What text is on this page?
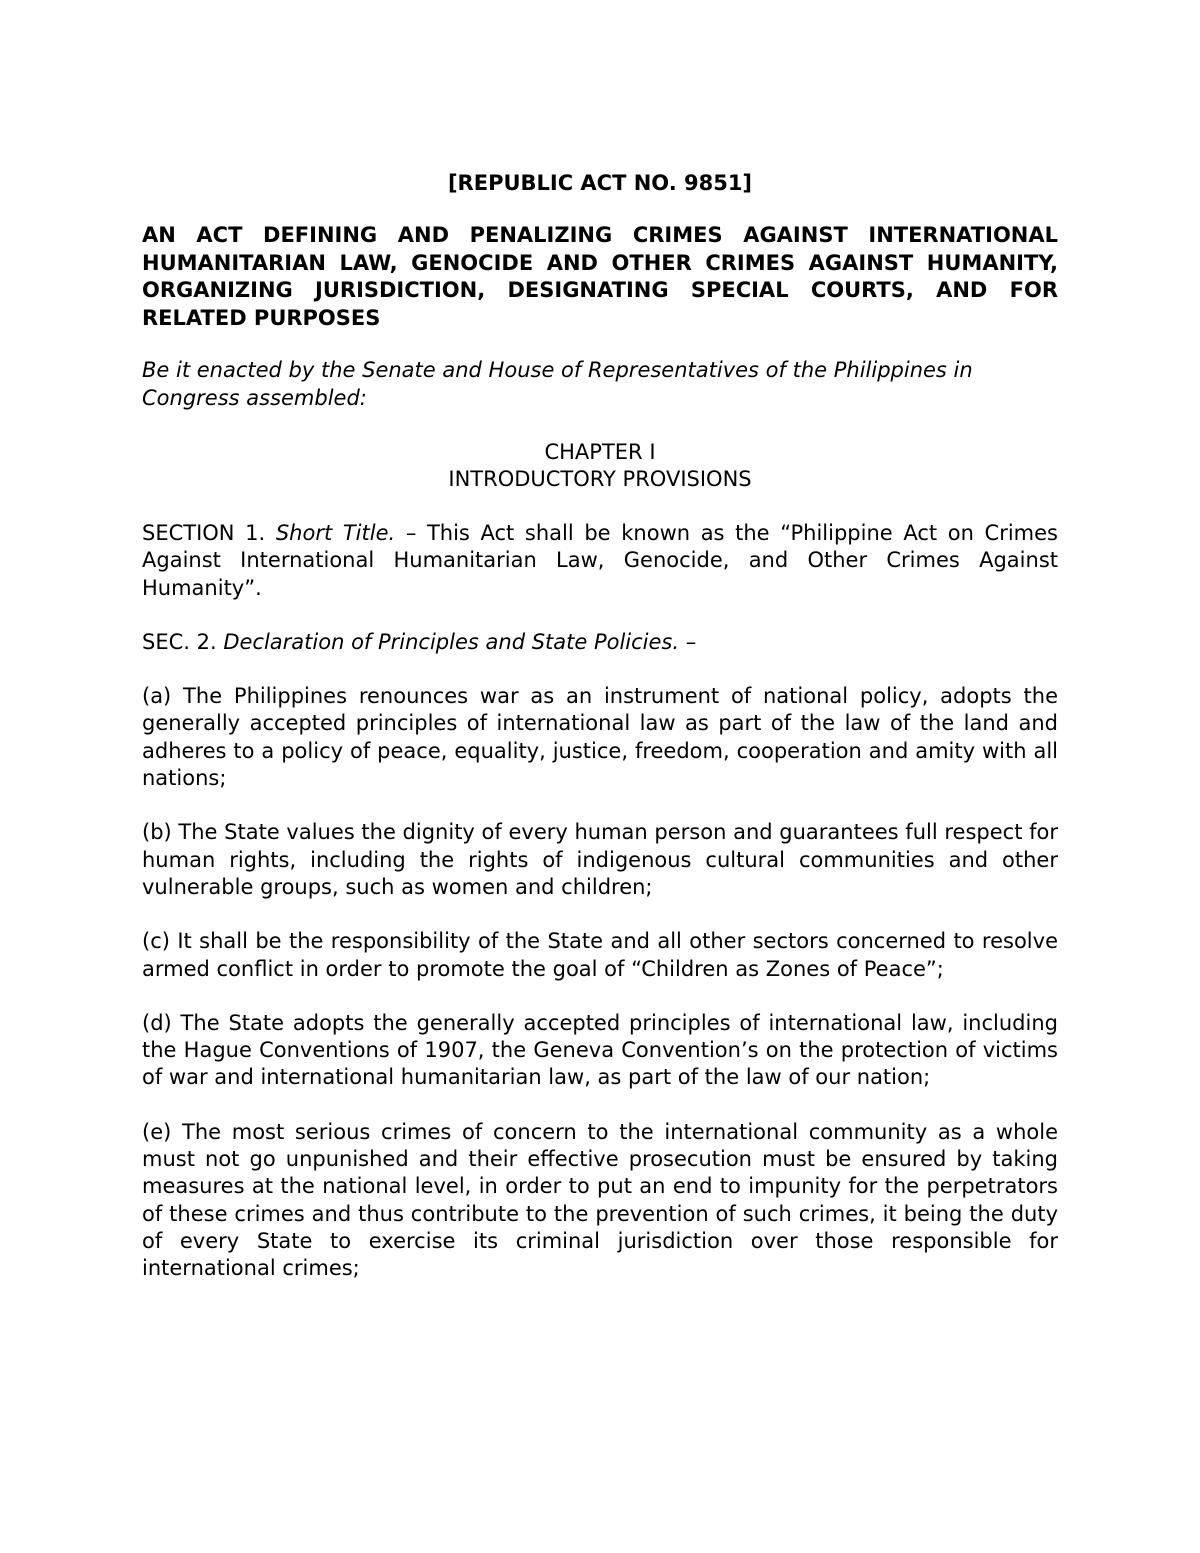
[REPUBLIC ACT NO. 9851]

AN ACT DEFINING AND PENALIZING CRIMES AGAINST INTERNATIONAL HUMANITARIAN LAW, GENOCIDE AND OTHER CRIMES AGAINST HUMANITY, ORGANIZING JURISDICTION, DESIGNATING SPECIAL COURTS, AND FOR RELATED PURPOSES

Be it enacted by the Senate and House of Representatives of the Philippines in Congress assembled:

CHAPTER I
INTRODUCTORY PROVISIONS

SECTION 1. Short Title. – This Act shall be known as the “Philippine Act on Crimes Against International Humanitarian Law, Genocide, and Other Crimes Against Humanity”.

SEC. 2. Declaration of Principles and State Policies. –

(a) The Philippines renounces war as an instrument of national policy, adopts the generally accepted principles of international law as part of the law of the land and adheres to a policy of peace, equality, justice, freedom, cooperation and amity with all nations;

(b) The State values the dignity of every human person and guarantees full respect for human rights, including the rights of indigenous cultural communities and other vulnerable groups, such as women and children;

(c) It shall be the responsibility of the State and all other sectors concerned to resolve armed conflict in order to promote the goal of “Children as Zones of Peace”;

(d) The State adopts the generally accepted principles of international law, including the Hague Conventions of 1907, the Geneva Convention’s on the protection of victims of war and international humanitarian law, as part of the law of our nation;

(e) The most serious crimes of concern to the international community as a whole must not go unpunished and their effective prosecution must be ensured by taking measures at the national level, in order to put an end to impunity for the perpetrators of these crimes and thus contribute to the prevention of such crimes, it being the duty of every State to exercise its criminal jurisdiction over those responsible for international crimes;
